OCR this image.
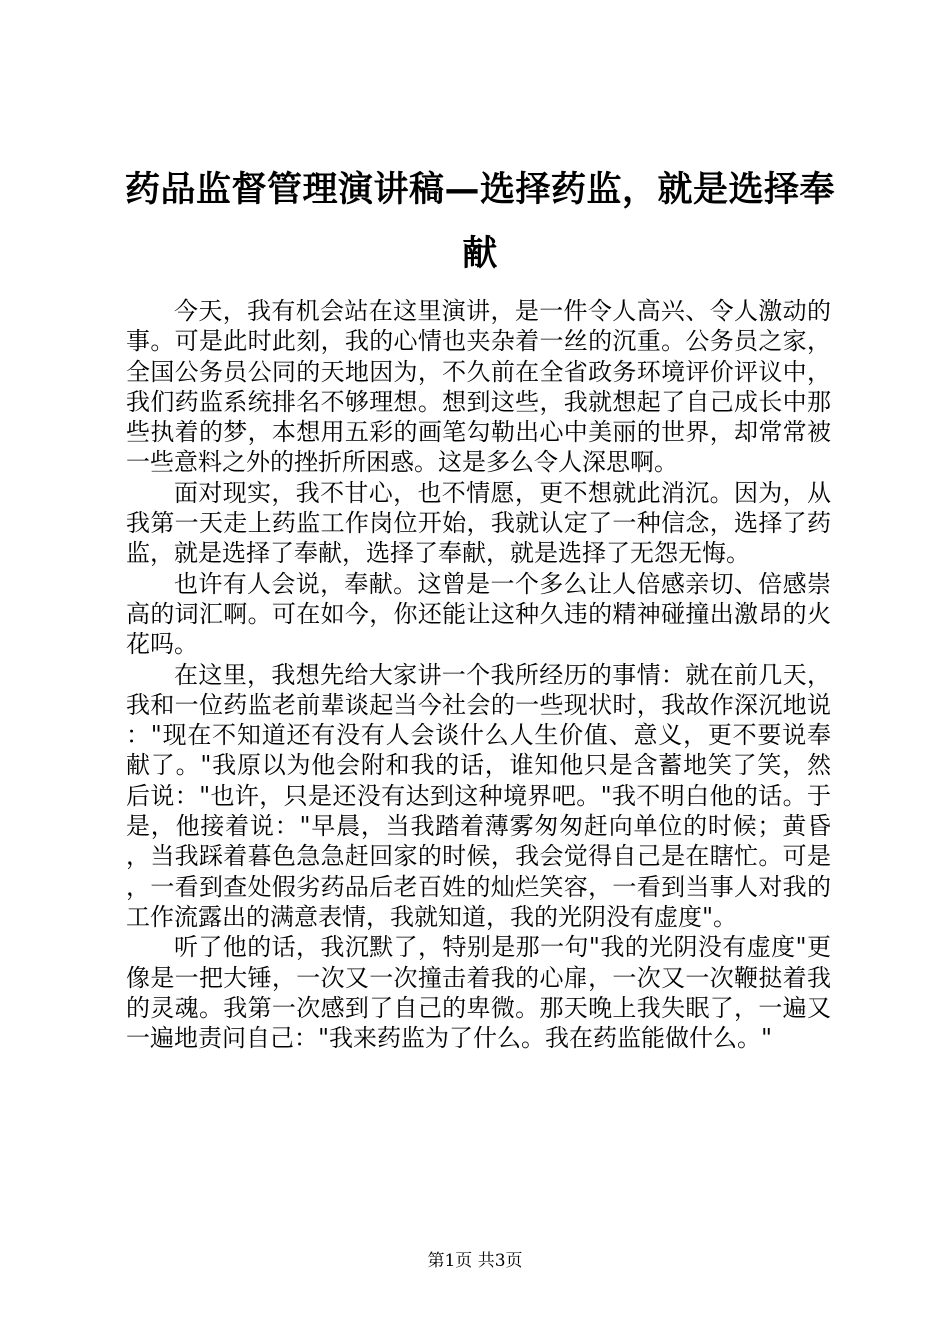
药品监督管理演讲稿—选择药监，就是选择奉献

今天，我有机会站在这里演讲，是一件令人高兴、令人激动的事。可是此时此刻，我的心情也夹杂着一丝的沉重。公务员之家，全国公务员公同的天地因为，不久前在全省政务环境评价评议中，我们药监系统排名不够理想。想到这些，我就想起了自己成长中那些执着的梦，本想用五彩的画笔勾勒出心中美丽的世界，却常常被一些意料之外的挫折所困惑。这是多么令人深思啊。

面对现实，我不甘心，也不情愿，更不想就此消沉。因为，从我第一天走上药监工作岗位开始，我就认定了一种信念，选择了药监，就是选择了奉献，选择了奉献，就是选择了无怨无悔。

也许有人会说，奉献。这曾是一个多么让人倍感亲切、倍感崇高的词汇啊。可在如今，你还能让这种久违的精神碰撞出激昂的火花吗。

在这里，我想先给大家讲一个我所经历的事情：就在前几天，我和一位药监老前辈谈起当今社会的一些现状时，我故作深沉地说："现在不知道还有没有人会谈什么人生价值、意义，更不要说奉献了。"我原以为他会附和我的话，谁知他只是含蓄地笑了笑，然后说："也许，只是还没有达到这种境界吧。"我不明白他的话。于是，他接着说："早晨，当我踏着薄雾匆匆赶向单位的时候；黄昏，当我踩着暮色急急赶回家的时候，我会觉得自己是在瞎忙。可是，一看到查处假劣药品后老百姓的灿烂笑容，一看到当事人对我的工作流露出的满意表情，我就知道，我的光阴没有虚度"。

听了他的话，我沉默了，特别是那一句"我的光阴没有虚度"更像是一把大锤，一次又一次撞击着我的心扉，一次又一次鞭挞着我的灵魂。我第一次感到了自己的卑微。那天晚上我失眠了，一遍又一遍地责问自己："我来药监为了什么。我在药监能做什么。"

第1页 共3页
